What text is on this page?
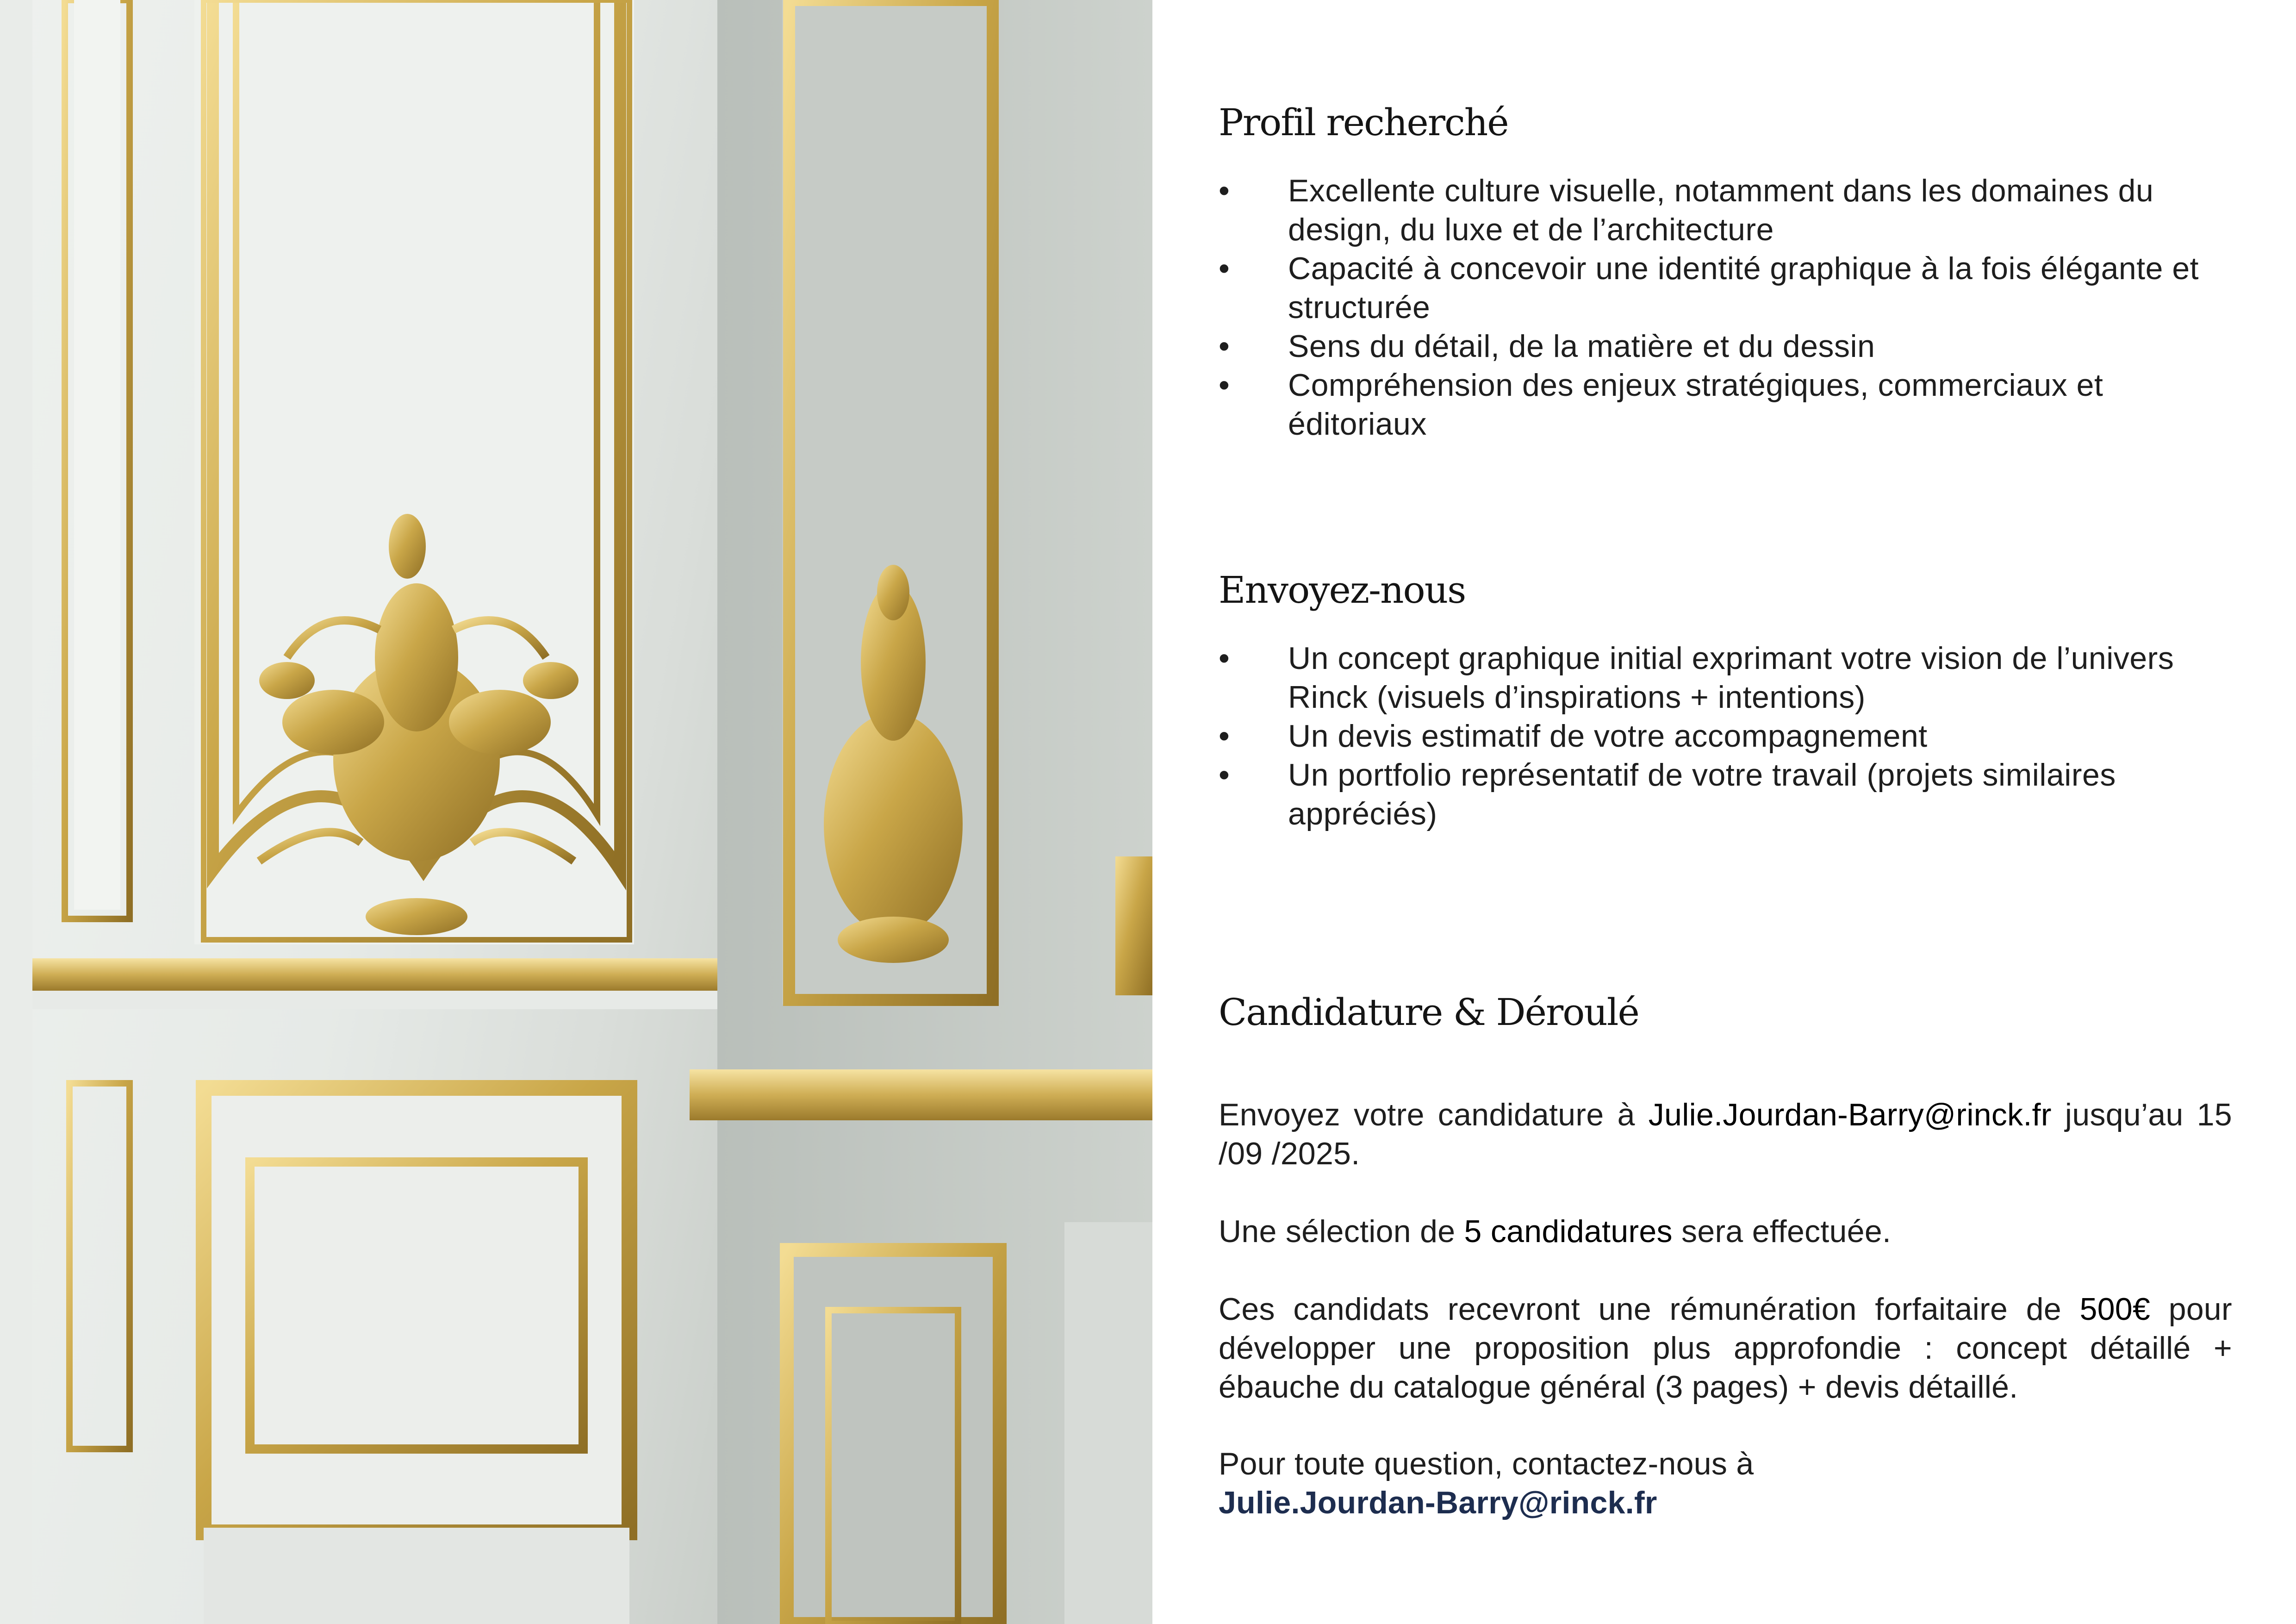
Profil recherché
• Excellente culture visuelle, notamment dans les domaines du design, du luxe et de l’architecture
• Capacité à concevoir une identité graphique à la fois élégante et structurée
• Sens du détail, de la matière et du dessin
• Compréhension des enjeux stratégiques, commerciaux et éditoriaux
Envoyez-nous
• Un concept graphique initial exprimant votre vision de l’univers Rinck (visuels d’inspirations + intentions)
• Un devis estimatif de votre accompagnement
• Un portfolio représentatif de votre travail (projets similaires appréciés)
Candidature & Déroulé

Envoyez votre candidature à Julie.Jourdan-Barry@rinck.fr jusqu’au 15 /09 /2025.

Une sélection de 5 candidatures sera effectuée.

Ces candidats recevront une rémunération forfaitaire de 500€ pour développer une proposition plus approfondie : concept détaillé + ébauche du catalogue général (3 pages) + devis détaillé.

Pour toute question, contactez-nous à
Julie.Jourdan-Barry@rinck.fr
